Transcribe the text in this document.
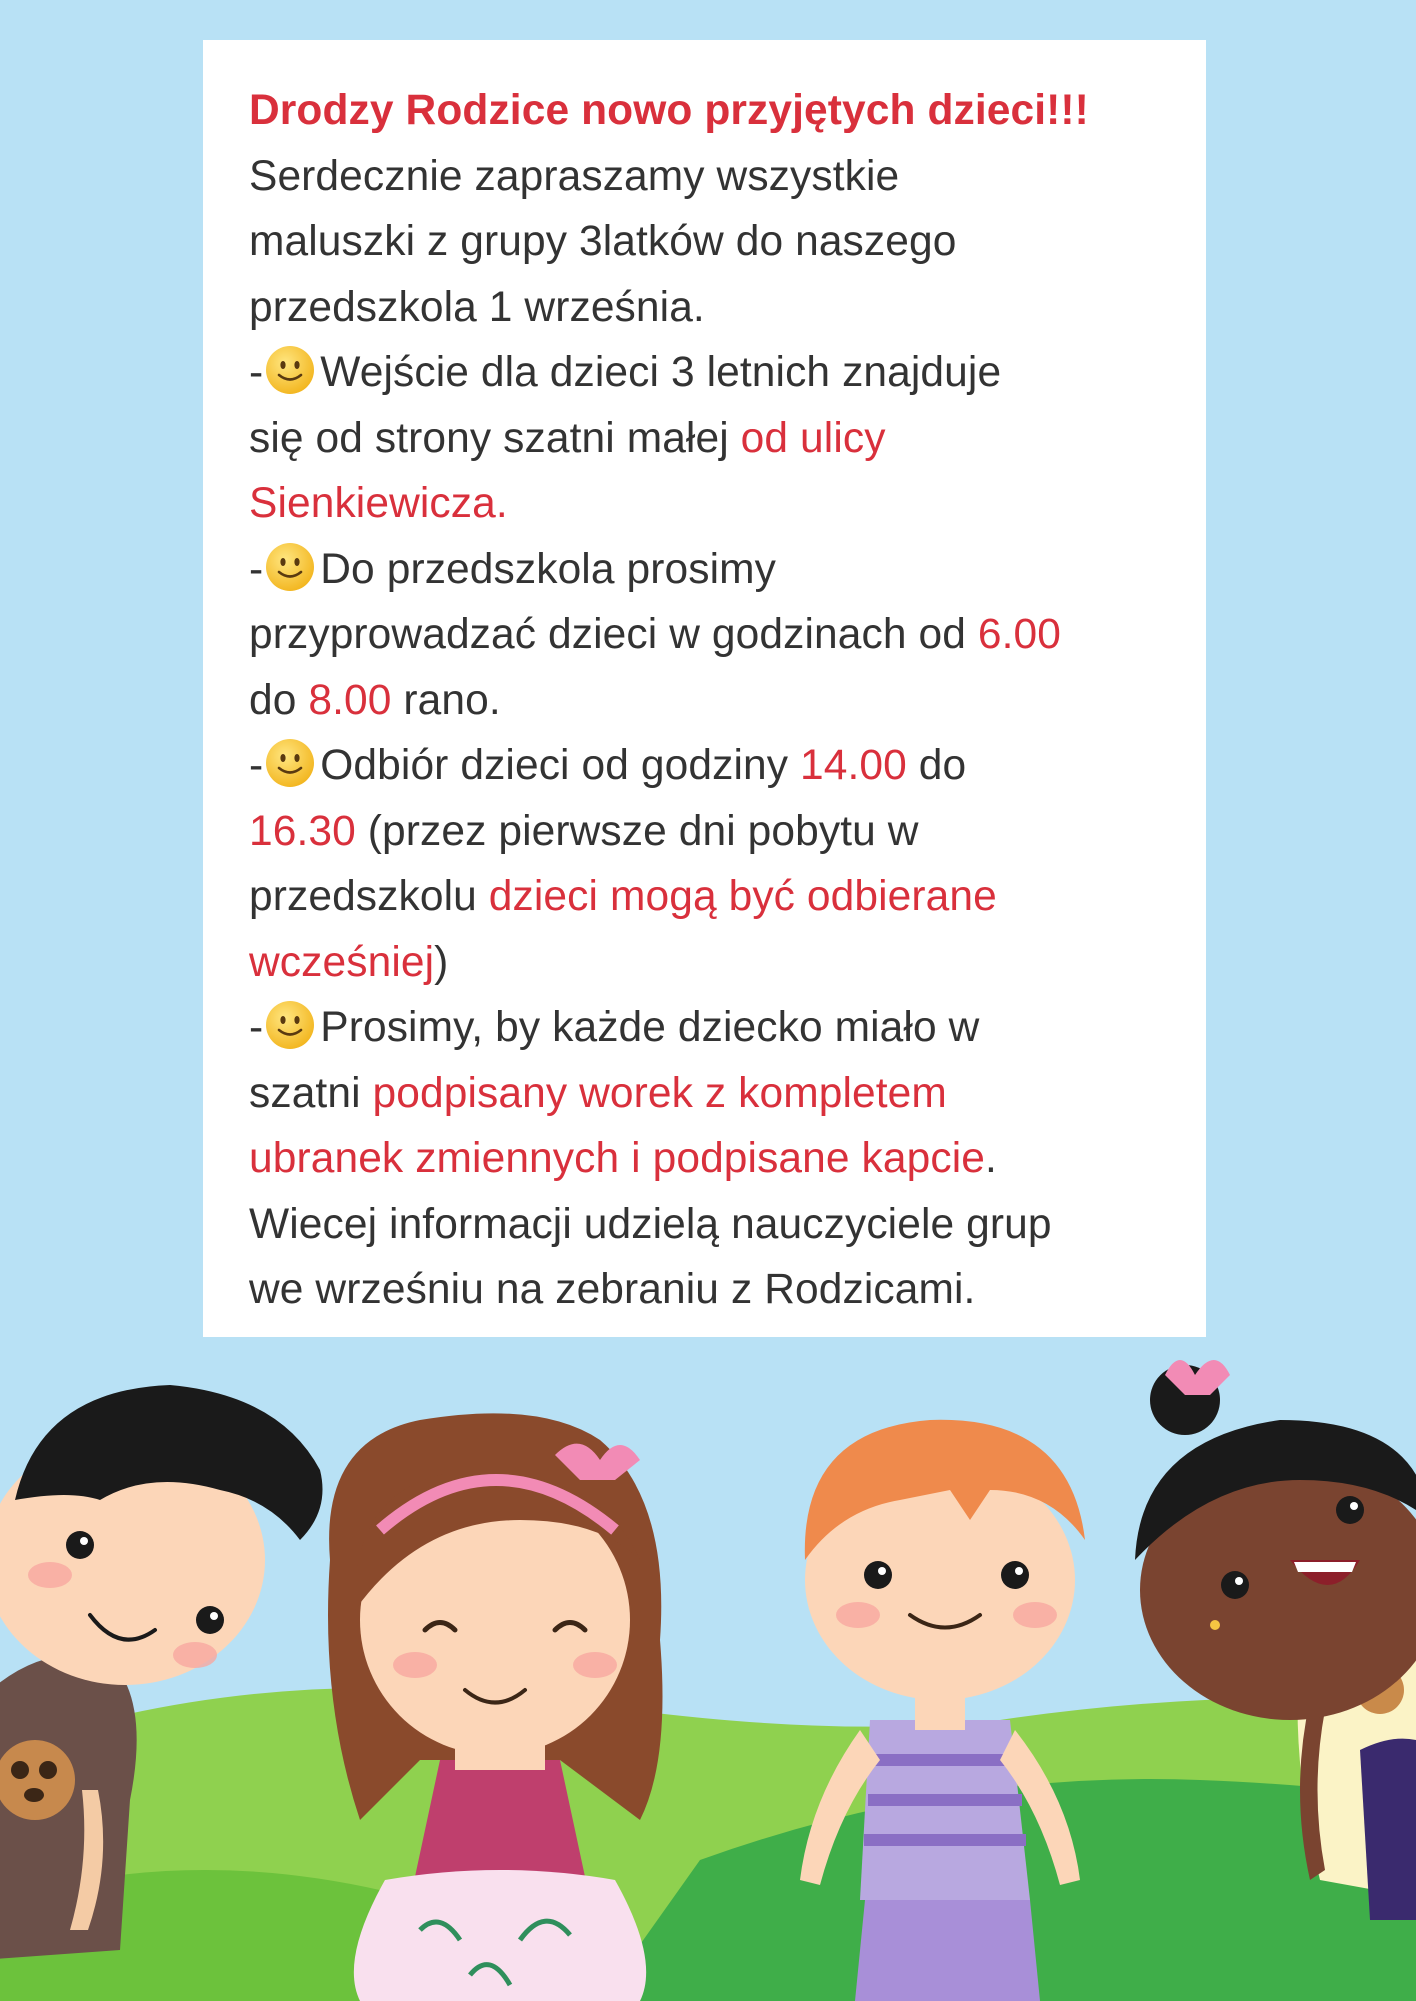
Drodzy Rodzice nowo przyjętych dzieci!!!
Serdecznie zapraszamy wszystkie
maluszki z grupy 3latków do naszego
przedszkola 1 września.
- Wejście dla dzieci 3 letnich znajduje
się od strony szatni małej od ulicy
Sienkiewicza.
- Do przedszkola prosimy
przyprowadzać dzieci w godzinach od 6.00
do 8.00 rano.
- Odbiór dzieci od godziny 14.00 do
16.30 (przez pierwsze dni pobytu w
przedszkolu dzieci mogą być odbierane
wcześniej)
- Prosimy, by każde dziecko miało w
szatni podpisany worek z kompletem
ubranek zmiennych i podpisane kapcie.
Wiecej informacji udzielą nauczyciele grup
we wrześniu na zebraniu z Rodzicami.
